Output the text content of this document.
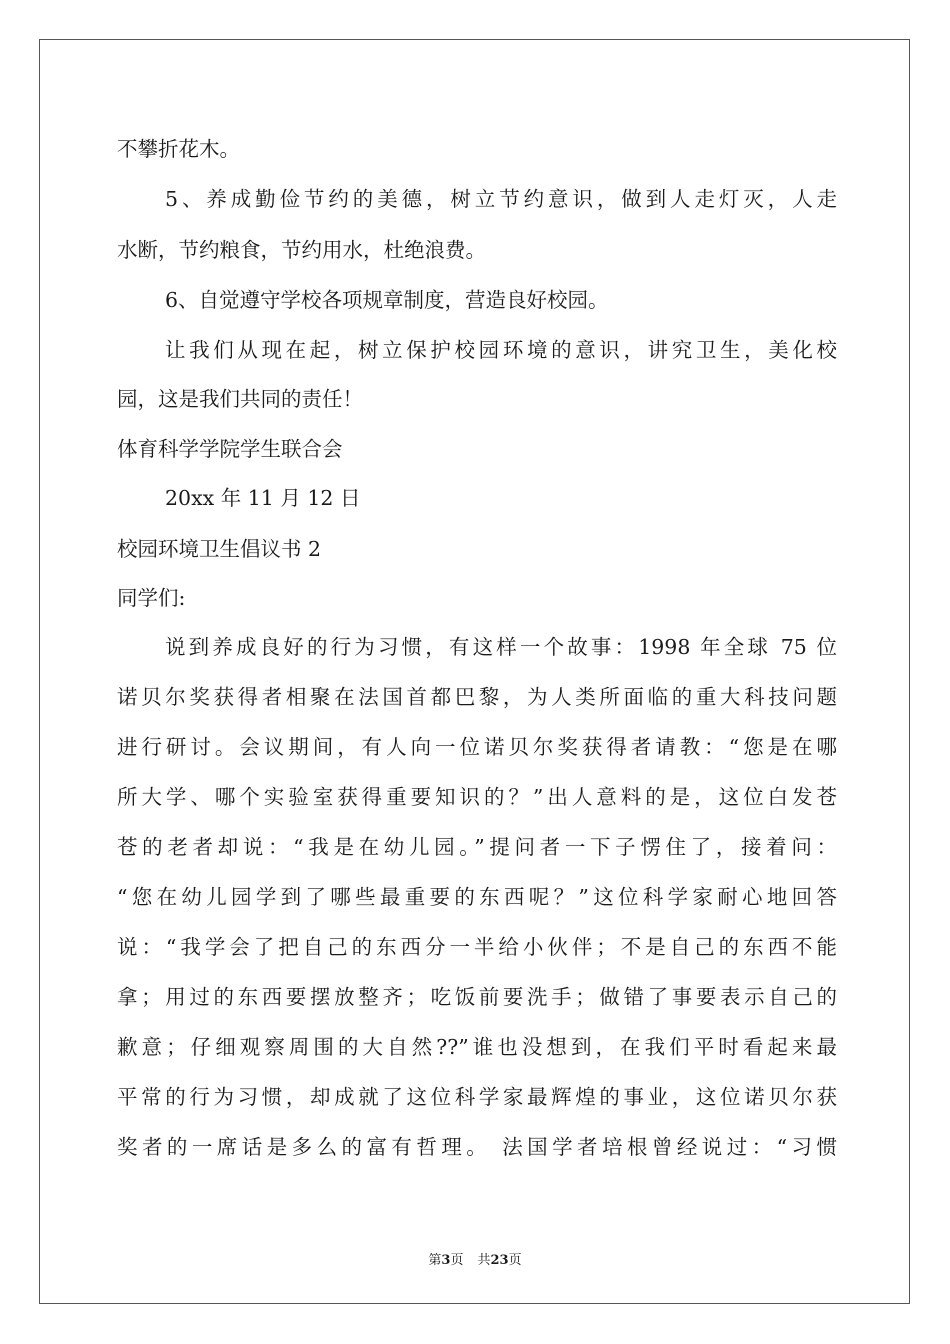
不攀折花木。

5、养成勤俭节约的美德，树立节约意识，做到人走灯灭，人走

水断，节约粮食，节约用水，杜绝浪费。

6、自觉遵守学校各项规章制度，营造良好校园。

让我们从现在起，树立保护校园环境的意识，讲究卫生，美化校

园，这是我们共同的责任！

体育科学学院学生联合会

20xx 年 11 月 12 日

校园环境卫生倡议书 2

同学们:

说到养成良好的行为习惯，有这样一个故事：1998 年全球 75 位

诺贝尔奖获得者相聚在法国首都巴黎，为人类所面临的重大科技问题

进行研讨。会议期间，有人向一位诺贝尔奖获得者请教：“您是在哪

所大学、哪个实验室获得重要知识的？”出人意料的是，这位白发苍

苍的老者却说：“我是在幼儿园。”提问者一下子愣住了，接着问：

“您在幼儿园学到了哪些最重要的东西呢？”这位科学家耐心地回答

说：“我学会了把自己的东西分一半给小伙伴；不是自己的东西不能

拿；用过的东西要摆放整齐；吃饭前要洗手；做错了事要表示自己的

歉意；仔细观察周围的大自然??”谁也没想到，在我们平时看起来最

平常的行为习惯，却成就了这位科学家最辉煌的事业，这位诺贝尔获

奖者的一席话是多么的富有哲理。 法国学者培根曾经说过：“习惯

第3页 共23页
